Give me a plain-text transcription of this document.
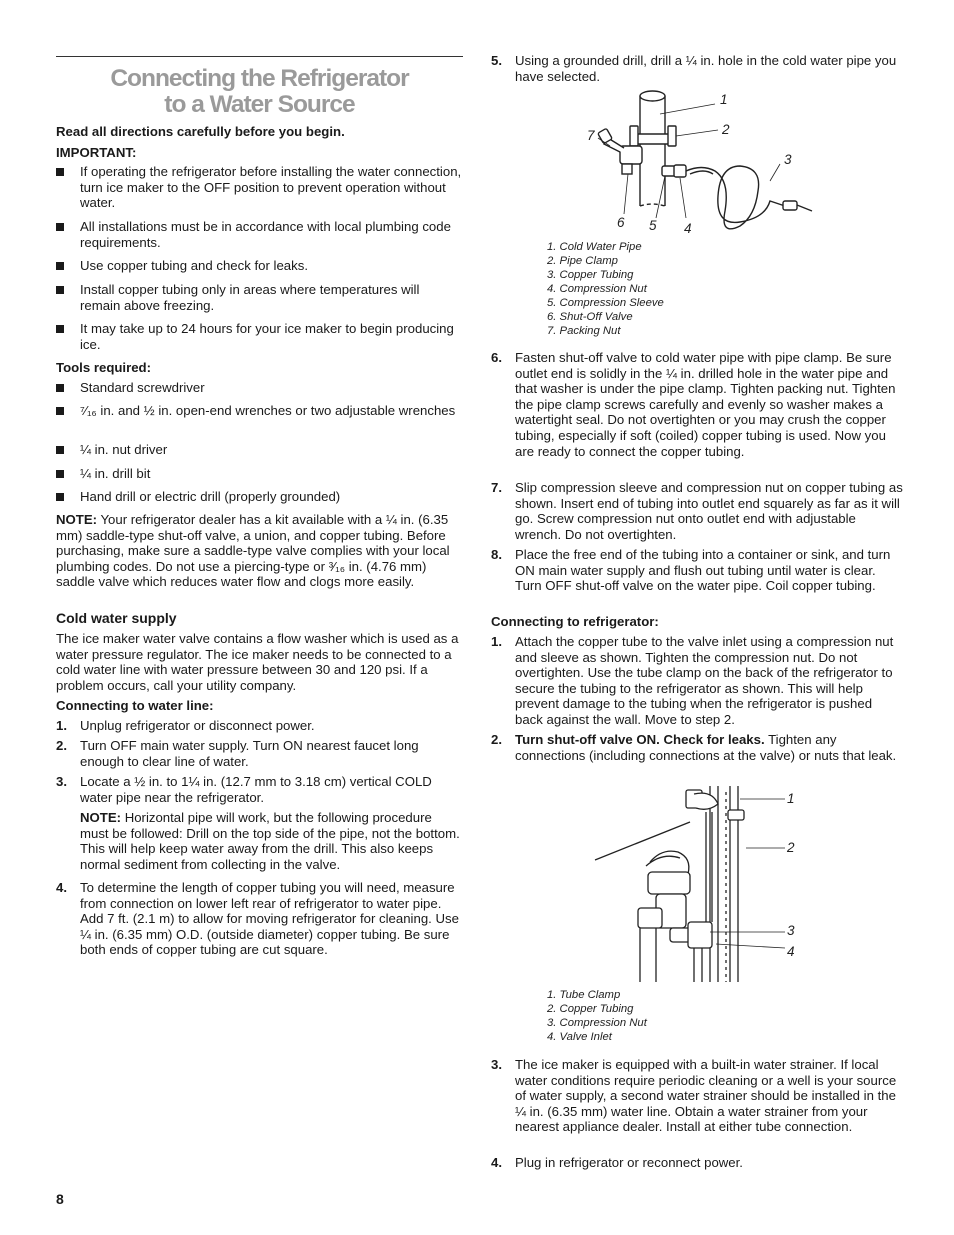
Connecting the Refrigerator
to a Water Source

Read all directions carefully before you begin.

IMPORTANT:

If operating the refrigerator before installing the water connection, turn ice maker to the OFF position to prevent operation without water.
All installations must be in accordance with local plumbing code requirements.
Use copper tubing and check for leaks.
Install copper tubing only in areas where temperatures will remain above freezing.
It may take up to 24 hours for your ice maker to begin producing ice.

Tools required:

Standard screwdriver
⁷⁄₁₆ in. and ½ in. open-end wrenches or two adjustable wrenches
¼ in. nut driver
¼ in. drill bit
Hand drill or electric drill (properly grounded)

NOTE: Your refrigerator dealer has a kit available with a ¼ in. (6.35 mm) saddle-type shut-off valve, a union, and copper tubing. Before purchasing, make sure a saddle-type valve complies with your local plumbing codes. Do not use a piercing-type or ³⁄₁₆ in. (4.76 mm) saddle valve which reduces water flow and clogs more easily.

Cold water supply

The ice maker water valve contains a flow washer which is used as a water pressure regulator. The ice maker needs to be connected to a cold water line with water pressure between 30 and 120 psi. If a problem occurs, call your utility company.

Connecting to water line:

1. Unplug refrigerator or disconnect power.
2. Turn OFF main water supply. Turn ON nearest faucet long enough to clear line of water.
3. Locate a ½ in. to 1¼ in. (12.7 mm to 3.18 cm) vertical COLD water pipe near the refrigerator.

NOTE: Horizontal pipe will work, but the following procedure must be followed: Drill on the top side of the pipe, not the bottom. This will help keep water away from the drill. This also keeps normal sediment from collecting in the valve.

4. To determine the length of copper tubing you will need, measure from connection on lower left rear of refrigerator to water pipe. Add 7 ft. (2.1 m) to allow for moving refrigerator for cleaning. Use ¼ in. (6.35 mm) O.D. (outside diameter) copper tubing. Be sure both ends of copper tubing are cut square.
5. Using a grounded drill, drill a ¼ in. hole in the cold water pipe you have selected.
1
2
3
4
5
6
7
1. Cold Water Pipe
2. Pipe Clamp
3. Copper Tubing
4. Compression Nut
5. Compression Sleeve
6. Shut-Off Valve
7. Packing Nut
6. Fasten shut-off valve to cold water pipe with pipe clamp. Be sure outlet end is solidly in the ¼ in. drilled hole in the water pipe and that washer is under the pipe clamp. Tighten packing nut. Tighten the pipe clamp screws carefully and evenly so washer makes a watertight seal. Do not overtighten or you may crush the copper tubing, especially if soft (coiled) copper tubing is used. Now you are ready to connect the copper tubing.
7. Slip compression sleeve and compression nut on copper tubing as shown. Insert end of tubing into outlet end squarely as far as it will go. Screw compression nut onto outlet end with adjustable wrench. Do not overtighten.
8. Place the free end of the tubing into a container or sink, and turn ON main water supply and flush out tubing until water is clear. Turn OFF shut-off valve on the water pipe. Coil copper tubing.

Connecting to refrigerator:

1. Attach the copper tube to the valve inlet using a compression nut and sleeve as shown. Tighten the compression nut. Do not overtighten. Use the tube clamp on the back of the refrigerator to secure the tubing to the refrigerator as shown. This will help prevent damage to the tubing when the refrigerator is pushed back against the wall. Move to step 2.
2. Turn shut-off valve ON. Check for leaks. Tighten any connections (including connections at the valve) or nuts that leak.
1
2
3
4
1. Tube Clamp
2. Copper Tubing
3. Compression Nut
4. Valve Inlet
3. The ice maker is equipped with a built-in water strainer. If local water conditions require periodic cleaning or a well is your source of water supply, a second water strainer should be installed in the ¼ in. (6.35 mm) water line. Obtain a water strainer from your nearest appliance dealer. Install at either tube connection.
4. Plug in refrigerator or reconnect power.
8
